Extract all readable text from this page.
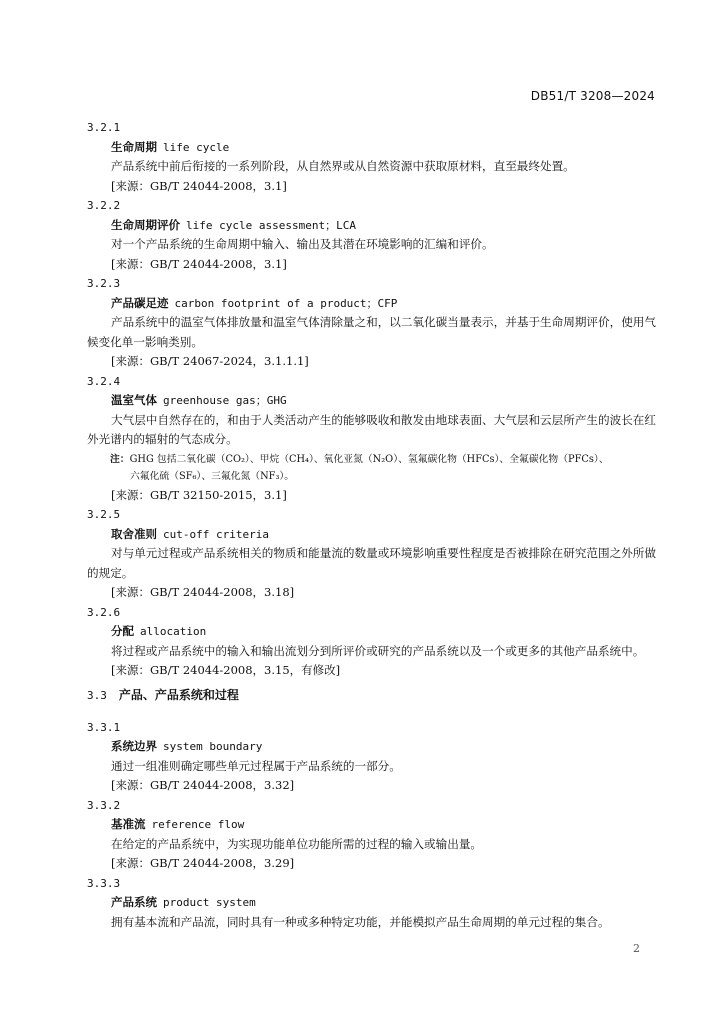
DB51/T 3208—2024
3.2.1
生命周期 life cycle

产品系统中前后衔接的一系列阶段，从自然界或从自然资源中获取原材料，直至最终处置。

[来源：GB/T 24044-2008，3.1]
3.2.2
生命周期评价 life cycle assessment；LCA

对一个产品系统的生命周期中输入、输出及其潜在环境影响的汇编和评价。

[来源：GB/T 24044-2008，3.1]
3.2.3
产品碳足迹 carbon footprint of a product；CFP

产品系统中的温室气体排放量和温室气体清除量之和，以二氧化碳当量表示，并基于生命周期评价，使用气候变化单一影响类别。

[来源：GB/T 24067-2024，3.1.1.1]
3.2.4
温室气体 greenhouse gas；GHG

大气层中自然存在的，和由于人类活动产生的能够吸收和散发由地球表面、大气层和云层所产生的波长在红外光谱内的辐射的气态成分。

注：GHG 包括二氧化碳（CO₂）、甲烷（CH₄）、氧化亚氮（N₂O）、氢氟碳化物（HFCs）、全氟碳化物（PFCs）、
六氟化硫（SF₆）、三氟化氮（NF₃）。
[来源：GB/T 32150-2015，3.1]
3.2.5
取舍准则 cut-off criteria

对与单元过程或产品系统相关的物质和能量流的数量或环境影响重要性程度是否被排除在研究范围之外所做的规定。

[来源：GB/T 24044-2008，3.18]
3.2.6
分配 allocation

将过程或产品系统中的输入和输出流划分到所评价或研究的产品系统以及一个或更多的其他产品系统中。

[来源：GB/T 24044-2008，3.15，有修改]
3.3 产品、产品系统和过程
3.3.1
系统边界 system boundary

通过一组准则确定哪些单元过程属于产品系统的一部分。

[来源：GB/T 24044-2008，3.32]
3.3.2
基准流 reference flow

在给定的产品系统中，为实现功能单位功能所需的过程的输入或输出量。

[来源：GB/T 24044-2008，3.29]
3.3.3
产品系统 product system

拥有基本流和产品流，同时具有一种或多种特定功能，并能模拟产品生命周期的单元过程的集合。

2
